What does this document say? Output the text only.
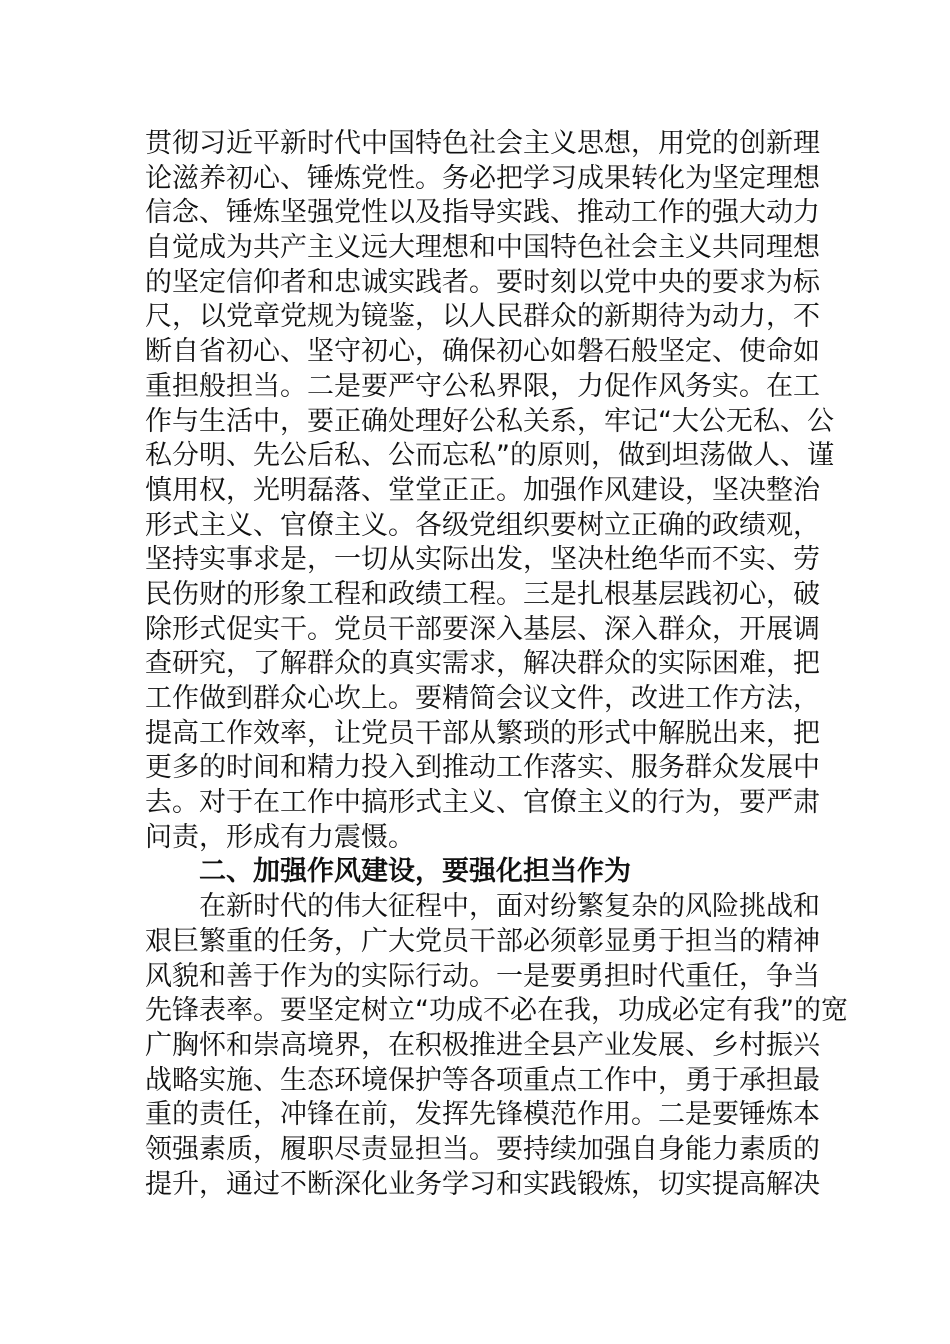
贯 彻 习 近 平 新 时 代 中 国 特 色 社 会 主 义 思 想 ， 用 党 的 创 新 理
论 滋 养 初 心 、 锤 炼 党 性 。 务 必 把 学 习 成 果 转 化 为 坚 定 理 想
信 念 、 锤 炼 坚 强 党 性 以 及 指 导 实 践 、 推 动 工 作 的 强 大 动 力
自 觉 成 为 共 产 主 义 远 大 理 想 和 中 国 特 色 社 会 主 义 共 同 理 想
的 坚 定 信 仰 者 和 忠 诚 实 践 者 。 要 时 刻 以 党 中 央 的 要 求 为 标
尺 ， 以 党 章 党 规 为 镜 鉴 ， 以 人 民 群 众 的 新 期 待 为 动 力 ， 不
断 自 省 初 心 、 坚 守 初 心 ， 确 保 初 心 如 磐 石 般 坚 定 、 使 命 如
重 担 般 担 当 。 二 是 要 严 守 公 私 界 限 ， 力 促 作 风 务 实 。 在 工
作 与 生 活 中 ， 要 正 确 处 理 好 公 私 关 系 ， 牢 记 “ 大 公 无 私 、 公
私 分 明 、 先 公 后 私 、 公 而 忘 私 ” 的 原 则 ， 做 到 坦 荡 做 人 、 谨
慎 用 权 ， 光 明 磊 落 、 堂 堂 正 正 。 加 强 作 风 建 设 ， 坚 决 整 治
形 式 主 义 、 官 僚 主 义 。 各 级 党 组 织 要 树 立 正 确 的 政 绩 观 ，
坚 持 实 事 求 是 ， 一 切 从 实 际 出 发 ， 坚 决 杜 绝 华 而 不 实 、 劳
民 伤 财 的 形 象 工 程 和 政 绩 工 程 。 三 是 扎 根 基 层 践 初 心 ， 破
除 形 式 促 实 干 。 党 员 干 部 要 深 入 基 层 、 深 入 群 众 ， 开 展 调
查 研 究 ， 了 解 群 众 的 真 实 需 求 ， 解 决 群 众 的 实 际 困 难 ， 把
工 作 做 到 群 众 心 坎 上 。 要 精 简 会 议 文 件 ， 改 进 工 作 方 法 ，
提 高 工 作 效 率 ， 让 党 员 干 部 从 繁 琐 的 形 式 中 解 脱 出 来 ， 把
更 多 的 时 间 和 精 力 投 入 到 推 动 工 作 落 实 、 服 务 群 众 发 展 中
去 。 对 于 在 工 作 中 搞 形 式 主 义 、 官 僚 主 义 的 行 为 ， 要 严 肃
问责，形成有力震慑。
二、加强作风建设，要强化担当作为
在新时代的伟大征程中，面对纷繁复杂的风险挑战和
艰 巨 繁 重 的 任 务 ， 广 大 党 员 干 部 必 须 彰 显 勇 于 担 当 的 精 神
风 貌 和 善 于 作 为 的 实 际 行 动 。 一 是 要 勇 担 时 代 重 任 ， 争 当
先 锋 表 率 。 要 坚 定 树 立 “ 功 成 不 必 在 我 ， 功 成 必 定 有 我 ” 的 宽
广 胸 怀 和 崇 高 境 界 ， 在 积 极 推 进 全 县 产 业 发 展 、 乡 村 振 兴
战 略 实 施 、 生 态 环 境 保 护 等 各 项 重 点 工 作 中 ， 勇 于 承 担 最
重 的 责 任 ， 冲 锋 在 前 ， 发 挥 先 锋 模 范 作 用 。 二 是 要 锤 炼 本
领 强 素 质 ， 履 职 尽 责 显 担 当 。 要 持 续 加 强 自 身 能 力 素 质 的
提 升 ， 通 过 不 断 深 化 业 务 学 习 和 实 践 锻 炼 ， 切 实 提 高 解 决
